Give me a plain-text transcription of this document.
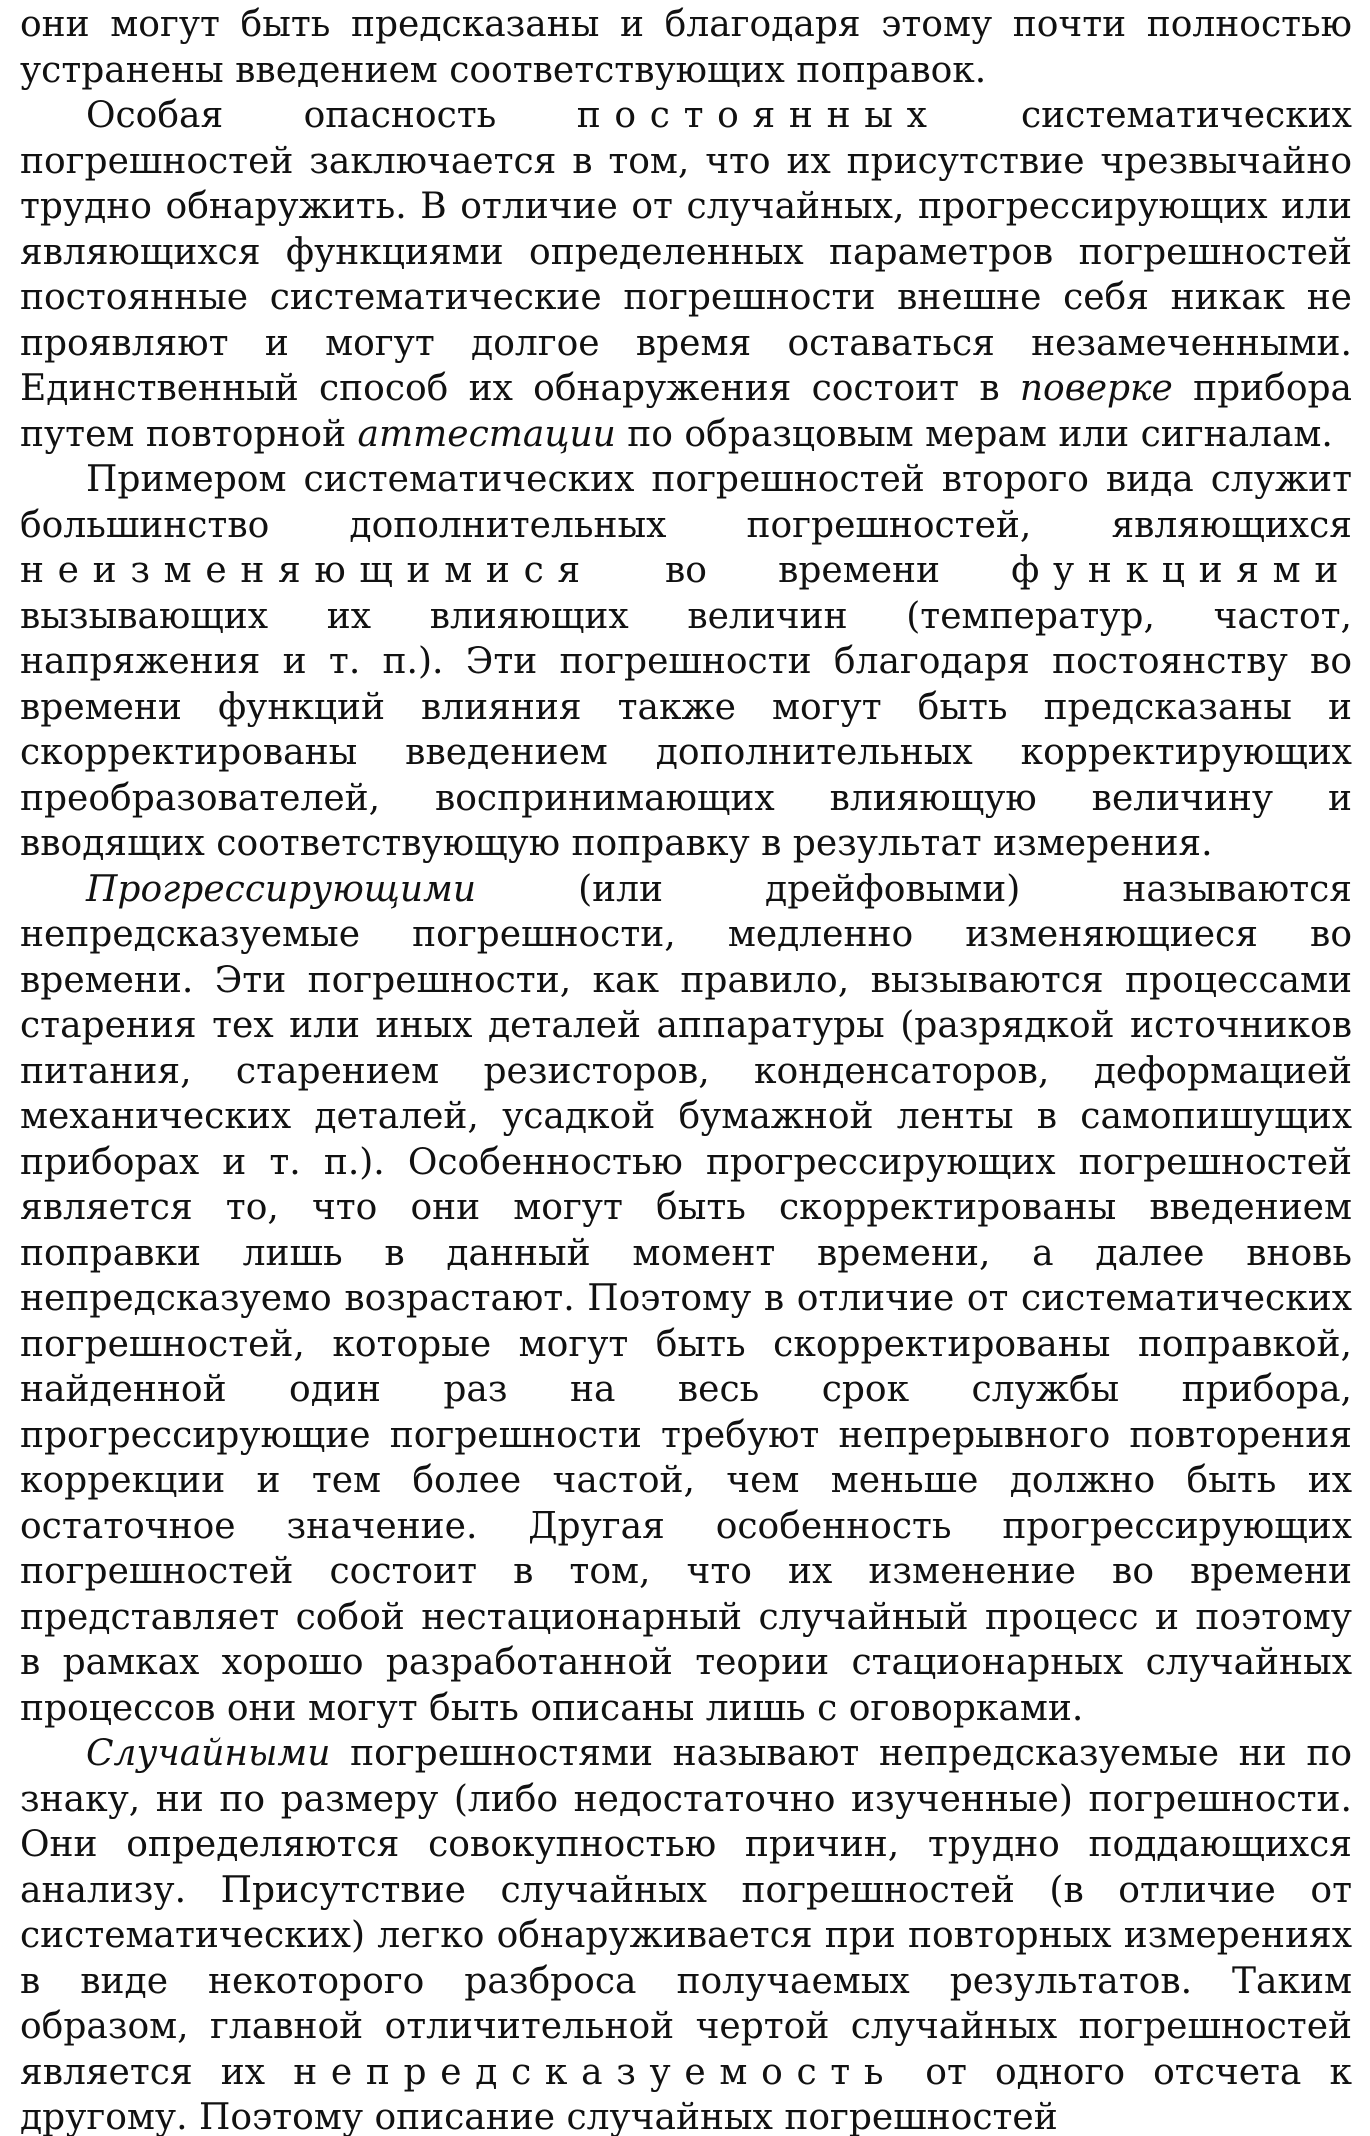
они могут быть предсказаны и благодаря этому почти полностью устранены введением соответствующих поправок.

Особая опасность постоянных систематических погрешностей заключается в том, что их присутствие чрезвычайно трудно обнаружить. В отличие от случайных, прогрессирующих или являющихся функциями определенных параметров погрешностей постоянные систематические погрешности внешне себя никак не проявляют и могут долгое время оставаться незамеченными. Единственный способ их обнаружения состоит в поверке прибора путем повторной аттестации по образцовым мерам или сигналам.

Примером систематических погрешностей второго вида служит большинство дополнительных погрешностей, являющихся неизменяющимися во времени функциями вызывающих их влияющих величин (температур, частот, напряжения и т. п.). Эти погрешности благодаря постоянству во времени функций влияния также могут быть предсказаны и скорректированы введением дополнительных корректирующих преобразователей, воспринимающих влияющую величину и вводящих соответствующую поправку в результат измерения.

Прогрессирующими (или дрейфовыми) называются непредсказуемые погрешности, медленно изменяющиеся во времени. Эти погрешности, как правило, вызываются процессами старения тех или иных деталей аппаратуры (разрядкой источников питания, старением резисторов, конденсаторов, деформацией механических деталей, усадкой бумажной ленты в самопишущих приборах и т. п.). Особенностью прогрессирующих погрешностей является то, что они могут быть скорректированы введением поправки лишь в данный момент времени, а далее вновь непредсказуемо возрастают. Поэтому в отличие от систематических погрешностей, которые могут быть скорректированы поправкой, найденной один раз на весь срок службы прибора, прогрессирующие погрешности требуют непрерывного повторения коррекции и тем более частой, чем меньше должно быть их остаточное значение. Другая особенность прогрессирующих погрешностей состоит в том, что их изменение во времени представляет собой нестационарный случайный процесс и поэтому в рамках хорошо разработанной теории стационарных случайных процессов они могут быть описаны лишь с оговорками.

Случайными погрешностями называют непредсказуемые ни по знаку, ни по размеру (либо недостаточно изученные) погрешности. Они определяются совокупностью причин, трудно поддающихся анализу. Присутствие случайных погрешностей (в отличие от систематических) легко обнаруживается при повторных измерениях в виде некоторого разброса получаемых результатов. Таким образом, главной отличительной чертой случайных погрешностей является их непредсказуемость от одного отсчета к другому. Поэтому описание случайных погрешностей
